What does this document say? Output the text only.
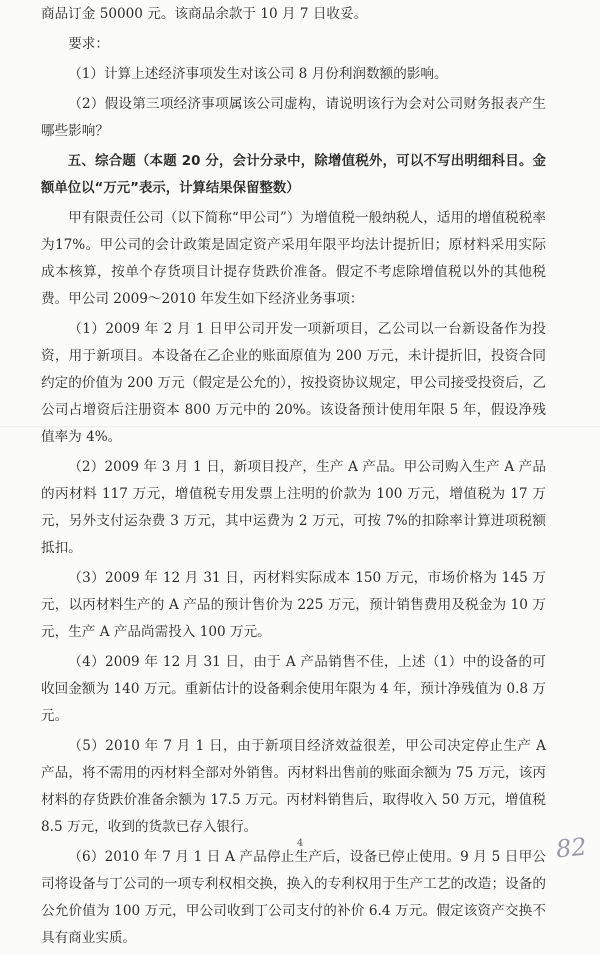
商品订金 50000 元。该商品余款于 10 月 7 日收妥。

要求：

（1）计算上述经济事项发生对该公司 8 月份利润数额的影响。

（2）假设第三项经济事项属该公司虚构，请说明该行为会对公司财务报表产生哪些影响？

五、综合题（本题 20 分，会计分录中，除增值税外，可以不写出明细科目。金额单位以“万元”表示，计算结果保留整数）

甲有限责任公司（以下简称“甲公司”）为增值税一般纳税人，适用的增值税税率为17%。甲公司的会计政策是固定资产采用年限平均法计提折旧；原材料采用实际成本核算，按单个存货项目计提存货跌价准备。假定不考虑除增值税以外的其他税费。甲公司 2009～2010 年发生如下经济业务事项：

（1）2009 年 2 月 1 日甲公司开发一项新项目，乙公司以一台新设备作为投资，用于新项目。本设备在乙企业的账面原值为 200 万元，未计提折旧，投资合同约定的价值为 200 万元（假定是公允的），按投资协议规定，甲公司接受投资后，乙公司占增资后注册资本 800 万元中的 20%。该设备预计使用年限 5 年，假设净残值率为 4%。

（2）2009 年 3 月 1 日，新项目投产，生产 A 产品。甲公司购入生产 A 产品的丙材料 117 万元，增值税专用发票上注明的价款为 100 万元，增值税为 17 万元，另外支付运杂费 3 万元，其中运费为 2 万元，可按 7%的扣除率计算进项税额抵扣。

（3）2009 年 12 月 31 日，丙材料实际成本 150 万元，市场价格为 145 万元，以丙材料生产的 A 产品的预计售价为 225 万元，预计销售费用及税金为 10 万元，生产 A 产品尚需投入 100 万元。

（4）2009 年 12 月 31 日，由于 A 产品销售不佳，上述（1）中的设备的可收回金额为 140 万元。重新估计的设备剩余使用年限为 4 年，预计净残值为 0.8 万元。

（5）2010 年 7 月 1 日，由于新项目经济效益很差，甲公司决定停止生产 A 产品，将不需用的丙材料全部对外销售。丙材料出售前的账面余额为 75 万元，该丙材料的存货跌价准备余额为 17.5 万元。丙材料销售后，取得收入 50 万元，增值税 8.5 万元，收到的货款已存入银行。

（6）2010 年 7 月 1 日 A 产品停止生产后，设备已停止使用。9 月 5 日甲公司将设备与丁公司的一项专利权相交换，换入的专利权用于生产工艺的改造；设备的公允价值为 100 万元，甲公司收到丁公司支付的补价 6.4 万元。假定该资产交换不具有商业实质。

4	82
